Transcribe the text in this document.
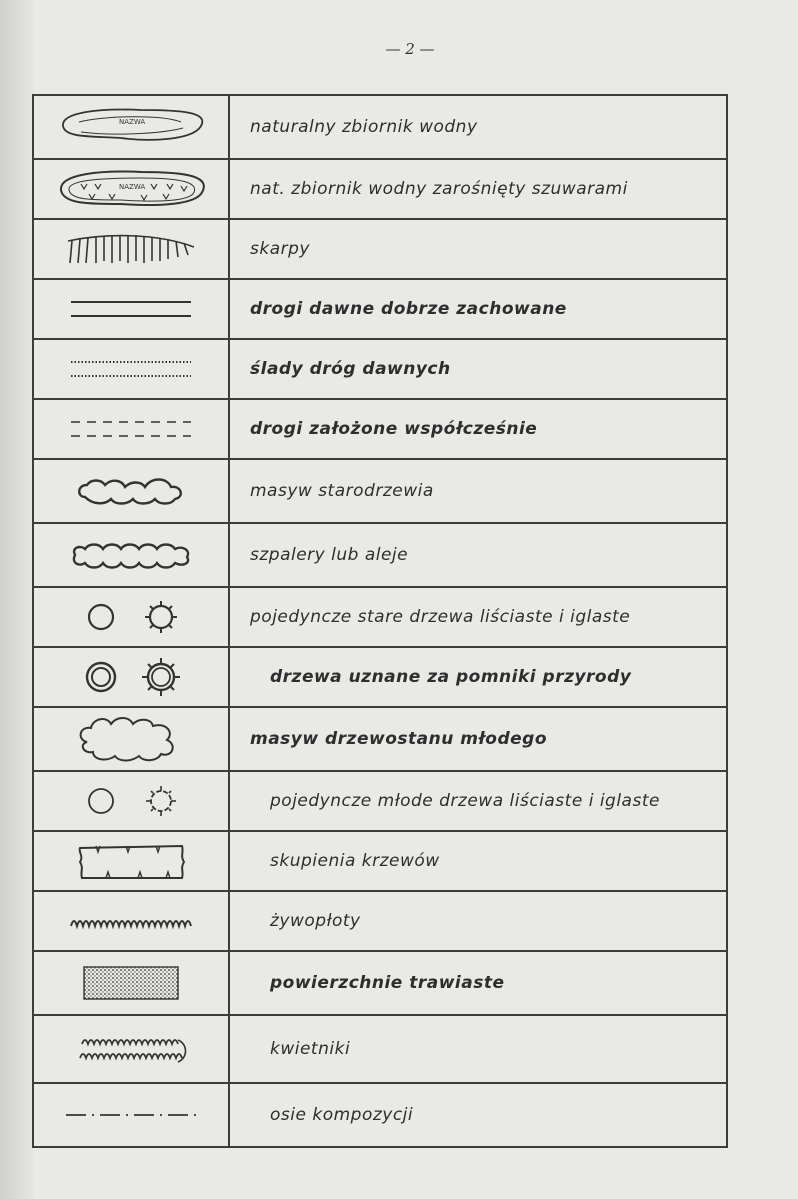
— 2 —
NAZWA	naturalny zbiornik wodny
NAZWA	nat. zbiornik wodny zarośnięty szuwarami
skarpy
drogi dawne dobrze zachowane
ślady dróg dawnych
drogi założone współcześnie
masyw starodrzewia
szpalery lub aleje
pojedyncze stare drzewa liściaste i iglaste
drzewa uznane za pomniki przyrody
masyw drzewostanu młodego
pojedyncze młode drzewa liściaste i iglaste
skupienia krzewów
żywopłoty
powierzchnie trawiaste
kwietniki
osie kompozycji
